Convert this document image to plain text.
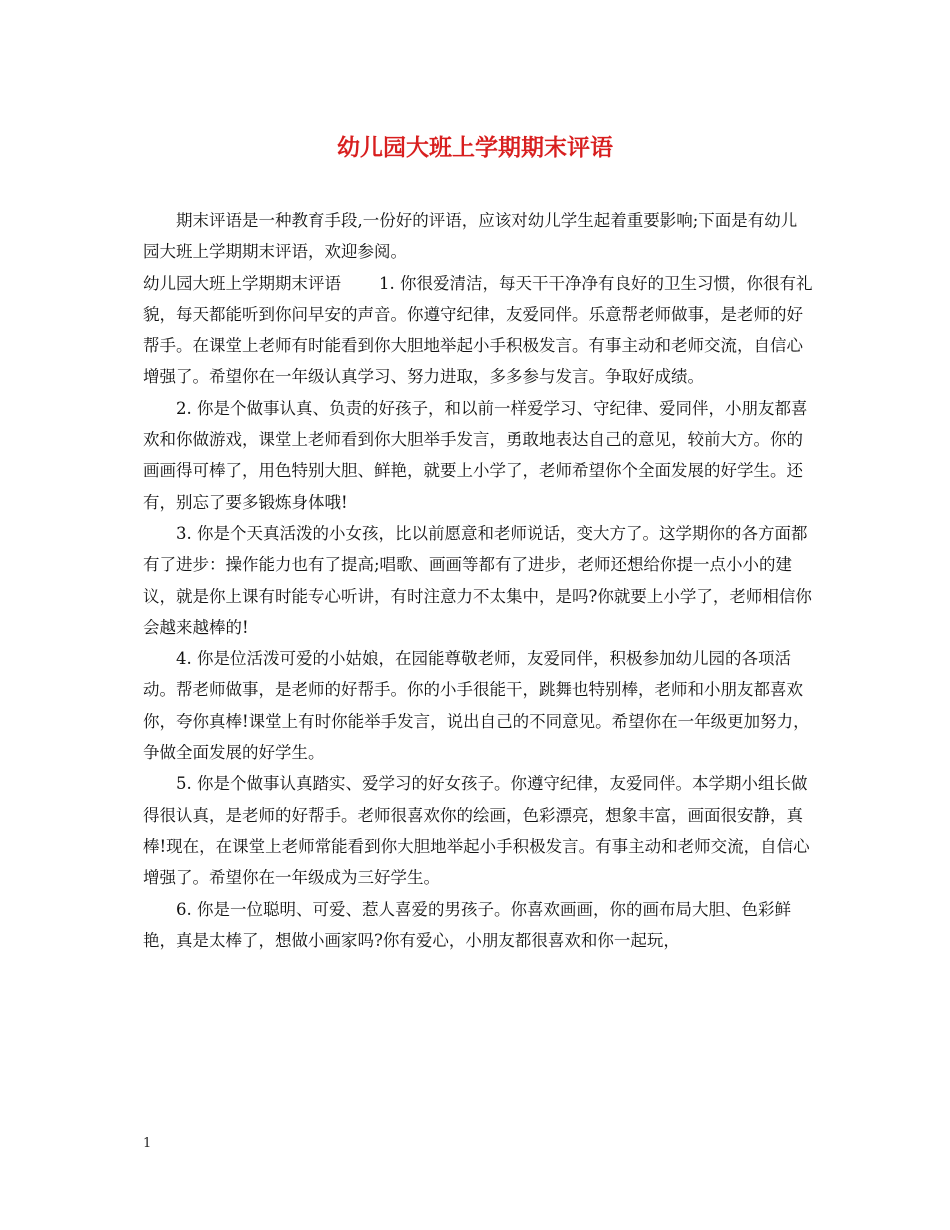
幼儿园大班上学期期末评语

期末评语是一种教育手段,一份好的评语，应该对幼儿学生起着重要影响;下面是有幼儿园大班上学期期末评语，欢迎参阅。

幼儿园大班上学期期末评语 1. 你很爱清洁，每天干干净净有良好的卫生习惯，你很有礼貌，每天都能听到你问早安的声音。你遵守纪律，友爱同伴。乐意帮老师做事，是老师的好帮手。在课堂上老师有时能看到你大胆地举起小手积极发言。有事主动和老师交流，自信心增强了。希望你在一年级认真学习、努力进取，多多参与发言。争取好成绩。

2. 你是个做事认真、负责的好孩子，和以前一样爱学习、守纪律、爱同伴，小朋友都喜欢和你做游戏，课堂上老师看到你大胆举手发言，勇敢地表达自己的意见，较前大方。你的画画得可棒了，用色特别大胆、鲜艳，就要上小学了，老师希望你个全面发展的好学生。还有，别忘了要多锻炼身体哦!

3. 你是个天真活泼的小女孩，比以前愿意和老师说话，变大方了。这学期你的各方面都有了进步：操作能力也有了提高;唱歌、画画等都有了进步，老师还想给你提一点小小的建议，就是你上课有时能专心听讲，有时注意力不太集中，是吗?你就要上小学了，老师相信你会越来越棒的!

4. 你是位活泼可爱的小姑娘，在园能尊敬老师，友爱同伴，积极参加幼儿园的各项活动。帮老师做事，是老师的好帮手。你的小手很能干，跳舞也特别棒，老师和小朋友都喜欢你，夸你真棒!课堂上有时你能举手发言，说出自己的不同意见。希望你在一年级更加努力，争做全面发展的好学生。

5. 你是个做事认真踏实、爱学习的好女孩子。你遵守纪律，友爱同伴。本学期小组长做得很认真，是老师的好帮手。老师很喜欢你的绘画，色彩漂亮，想象丰富，画面很安静，真棒!现在，在课堂上老师常能看到你大胆地举起小手积极发言。有事主动和老师交流，自信心增强了。希望你在一年级成为三好学生。

6. 你是一位聪明、可爱、惹人喜爱的男孩子。你喜欢画画，你的画布局大胆、色彩鲜艳，真是太棒了，想做小画家吗?你有爱心，小朋友都很喜欢和你一起玩，

1
